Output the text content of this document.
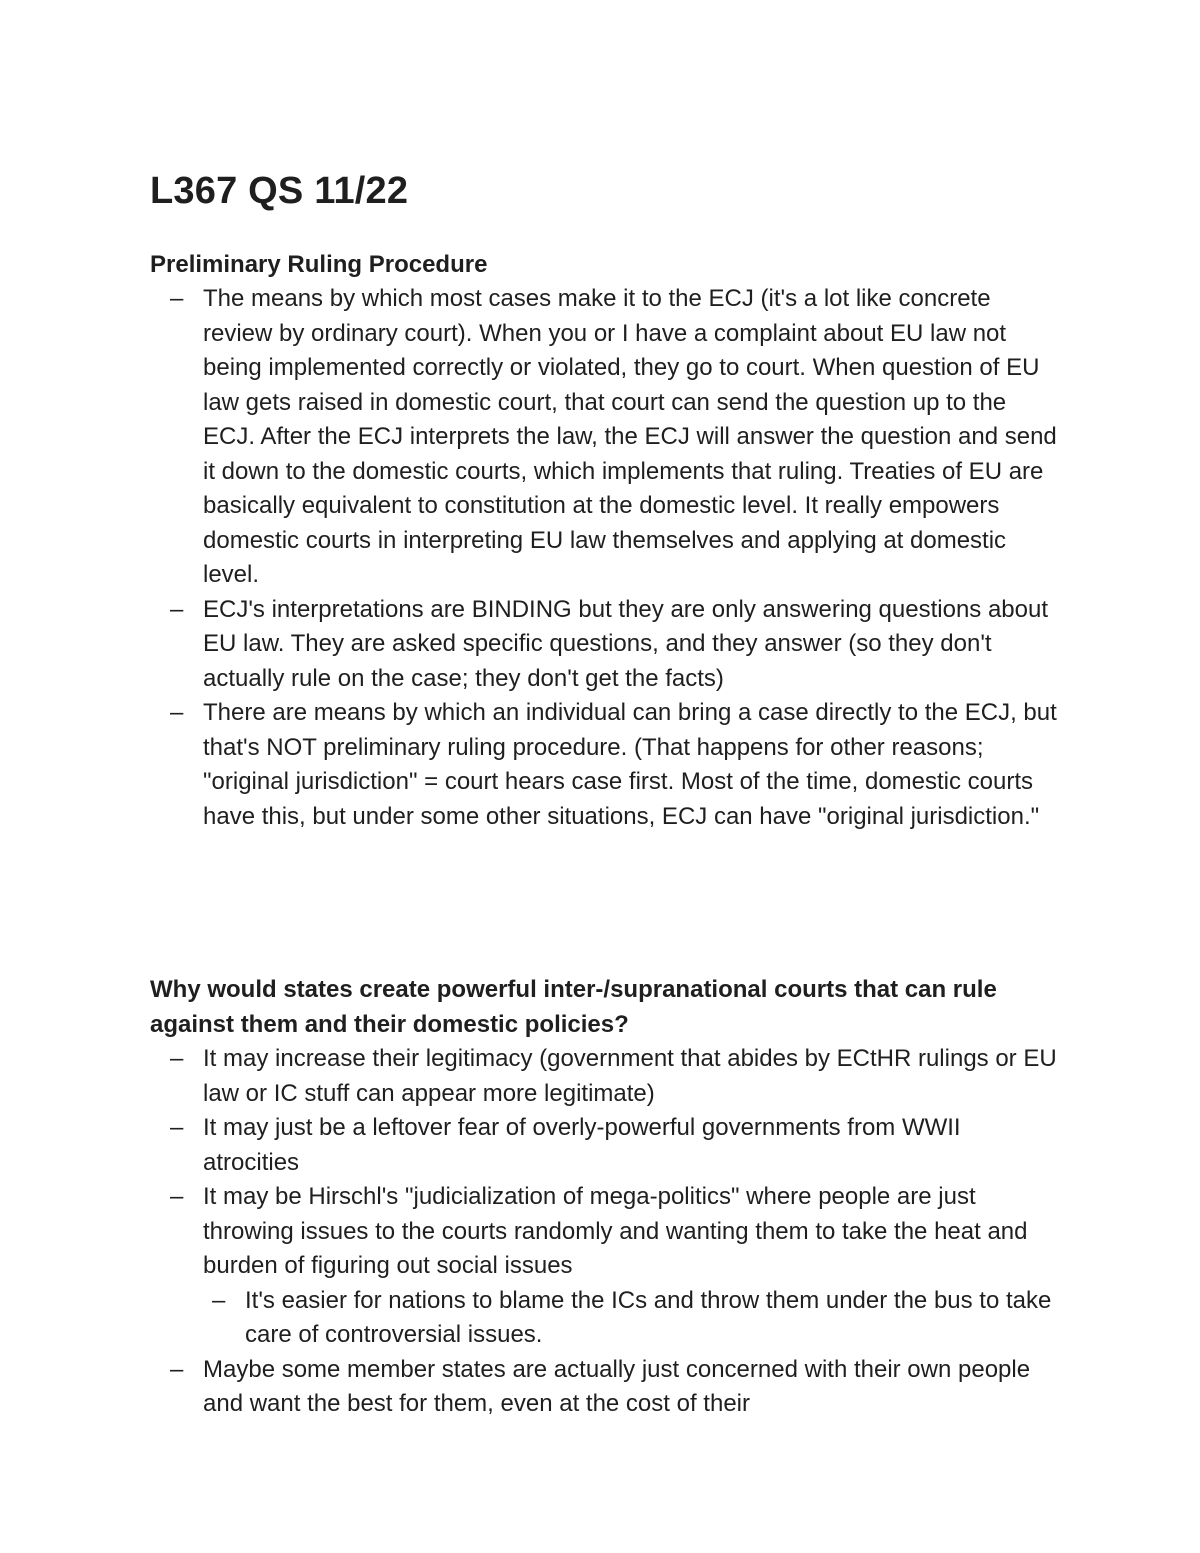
L367 QS 11/22
Preliminary Ruling Procedure
– The means by which most cases make it to the ECJ (it's a lot like concrete review by ordinary court). When you or I have a complaint about EU law not being implemented correctly or violated, they go to court. When question of EU law gets raised in domestic court, that court can send the question up to the ECJ. After the ECJ interprets the law, the ECJ will answer the question and send it down to the domestic courts, which implements that ruling. Treaties of EU are basically equivalent to constitution at the domestic level. It really empowers domestic courts in interpreting EU law themselves and applying at domestic level.
– ECJ's interpretations are BINDING but they are only answering questions about EU law. They are asked specific questions, and they answer (so they don't actually rule on the case; they don't get the facts)
– There are means by which an individual can bring a case directly to the ECJ, but that's NOT preliminary ruling procedure. (That happens for other reasons; "original jurisdiction" = court hears case first. Most of the time, domestic courts have this, but under some other situations, ECJ can have "original jurisdiction."
Why would states create powerful inter-/supranational courts that can rule against them and their domestic policies?
– It may increase their legitimacy (government that abides by ECtHR rulings or EU law or IC stuff can appear more legitimate)
– It may just be a leftover fear of overly-powerful governments from WWII atrocities
– It may be Hirschl's "judicialization of mega-politics" where people are just throwing issues to the courts randomly and wanting them to take the heat and burden of figuring out social issues
– It's easier for nations to blame the ICs and throw them under the bus to take care of controversial issues.
– Maybe some member states are actually just concerned with their own people and want the best for them, even at the cost of their
